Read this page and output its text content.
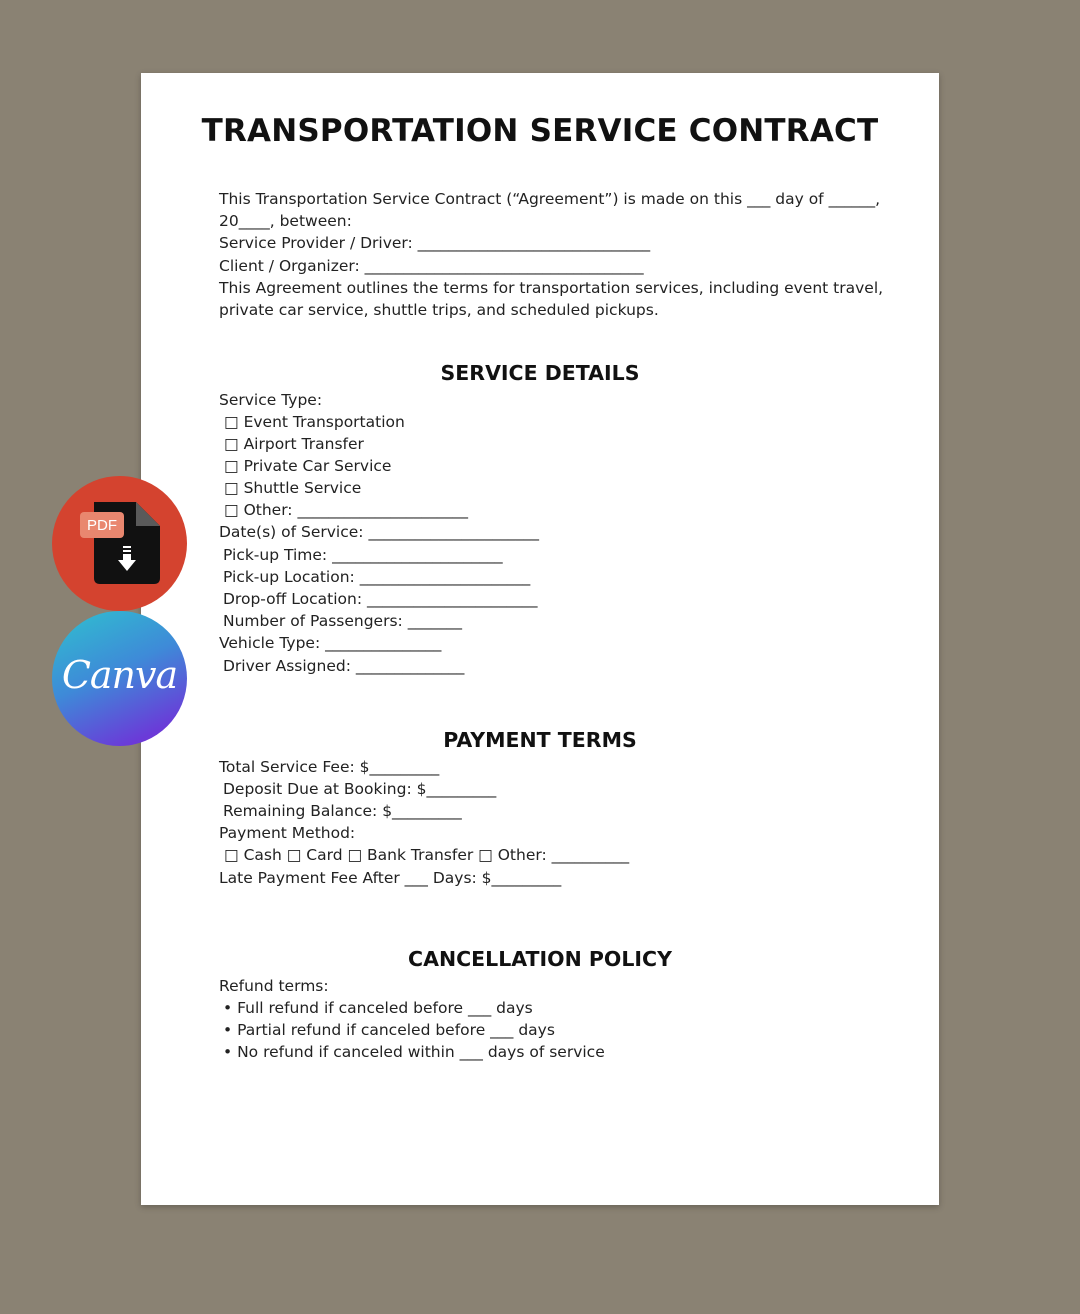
TRANSPORTATION SERVICE CONTRACT
This Transportation Service Contract (“Agreement”) is made on this ___ day of ______,
20____, between:
Service Provider / Driver: ______________________________
Client / Organizer: ____________________________________
This Agreement outlines the terms for transportation services, including event travel,
private car service, shuttle trips, and scheduled pickups.
SERVICE DETAILS
Service Type:
□ Event Transportation
□ Airport Transfer
□ Private Car Service
□ Shuttle Service
□ Other: ______________________
Date(s) of Service: ______________________
Pick-up Time: ______________________
Pick-up Location: ______________________
Drop-off Location: ______________________
Number of Passengers: _______
Vehicle Type: _______________
Driver Assigned: ______________
PAYMENT TERMS
Total Service Fee: $_________
Deposit Due at Booking: $_________
Remaining Balance: $_________
Payment Method:
□ Cash □ Card □ Bank Transfer □ Other: __________
Late Payment Fee After ___ Days: $_________
CANCELLATION POLICY
Refund terms:
• Full refund if canceled before ___ days
• Partial refund if canceled before ___ days
• No refund if canceled within ___ days of service
PDF
Canva
